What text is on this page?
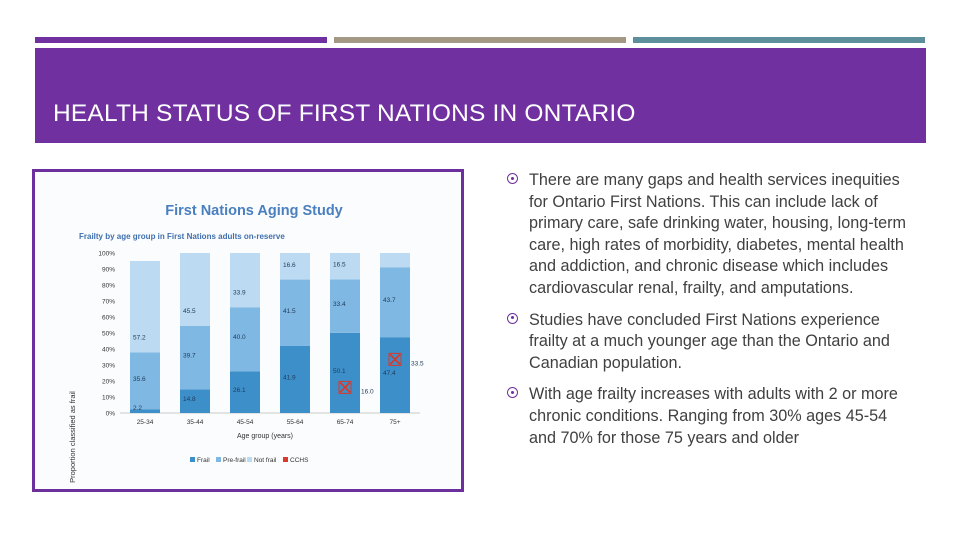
HEALTH STATUS OF FIRST NATIONS IN ONTARIO
First Nations Aging Study
Frailty by age group in First Nations adults on-reserve
Proportion classified as frail	Age group (years)
0%
10%
20%
30%
40%
50%
60%
70%
80%
90%
100%
2.2
35.6
57.2
25-34
14.8
39.7
45.5
35-44
26.1
40.0
33.9
45-54
41.9
41.5
16.6
55-64
50.1
33.4
16.5
65-74
47.4
43.7
75+
16.0
33.5
Frail Pre-frail Not frail CCHS
There are many gaps and health services inequities for Ontario First Nations. This can include lack of primary care, safe drinking water, housing, long-term care, high rates of morbidity, diabetes, mental health and addiction, and chronic disease which includes cardiovascular renal, frailty, and amputations.
Studies have concluded First Nations experience frailty at a much younger age than the Ontario and Canadian population.
With age frailty increases with adults with 2 or more chronic conditions. Ranging from 30% ages 45-54 and 70% for those 75 years and older
